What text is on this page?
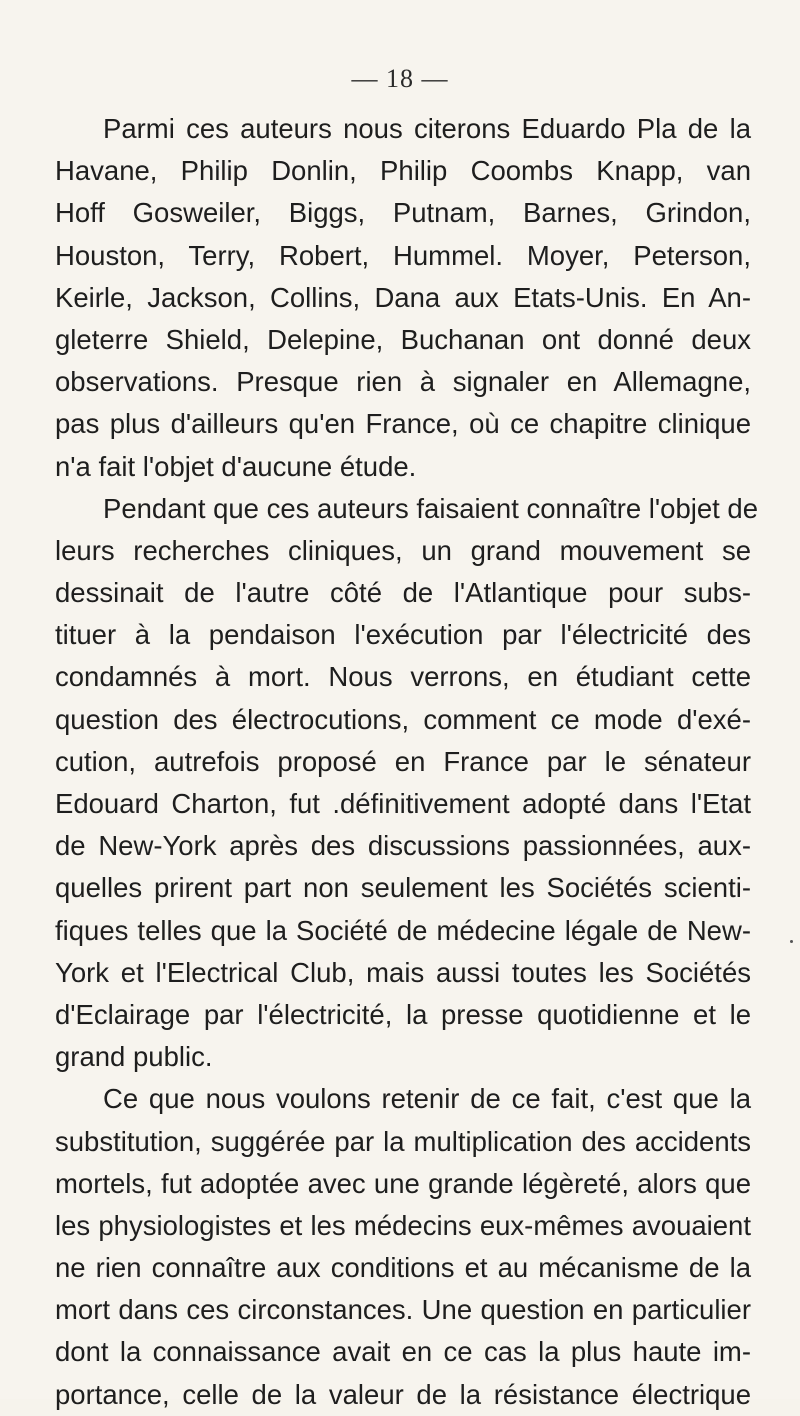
— 18 —
Parmi ces auteurs nous citerons Eduardo Pla de la
Havane, Philip Donlin, Philip Coombs Knapp, van
Hoff Gosweiler, Biggs, Putnam, Barnes, Grindon,
Houston, Terry, Robert, Hummel. Moyer, Peterson,
Keirle, Jackson, Collins, Dana aux Etats-Unis. En An-
gleterre Shield, Delepine, Buchanan ont donné deux
observations. Presque rien à signaler en Allemagne,
pas plus d'ailleurs qu'en France, où ce chapitre clinique
n'a fait l'objet d'aucune étude.
Pendant que ces auteurs faisaient connaître l'objet de
leurs recherches cliniques, un grand mouvement se
dessinait de l'autre côté de l'Atlantique pour subs-
tituer à la pendaison l'exécution par l'électricité des
condamnés à mort. Nous verrons, en étudiant cette
question des électrocutions, comment ce mode d'exé-
cution, autrefois proposé en France par le sénateur
Edouard Charton, fut .définitivement adopté dans l'Etat
de New-York après des discussions passionnées, aux-
quelles prirent part non seulement les Sociétés scienti-
fiques telles que la Société de médecine légale de New-
York et l'Electrical Club, mais aussi toutes les Sociétés
d'Eclairage par l'électricité, la presse quotidienne et le
grand public.
Ce que nous voulons retenir de ce fait, c'est que la
substitution, suggérée par la multiplication des accidents
mortels, fut adoptée avec une grande légèreté, alors que
les physiologistes et les médecins eux-mêmes avouaient
ne rien connaître aux conditions et au mécanisme de la
mort dans ces circonstances. Une question en particulier
dont la connaissance avait en ce cas la plus haute im-
portance, celle de la valeur de la résistance électrique
